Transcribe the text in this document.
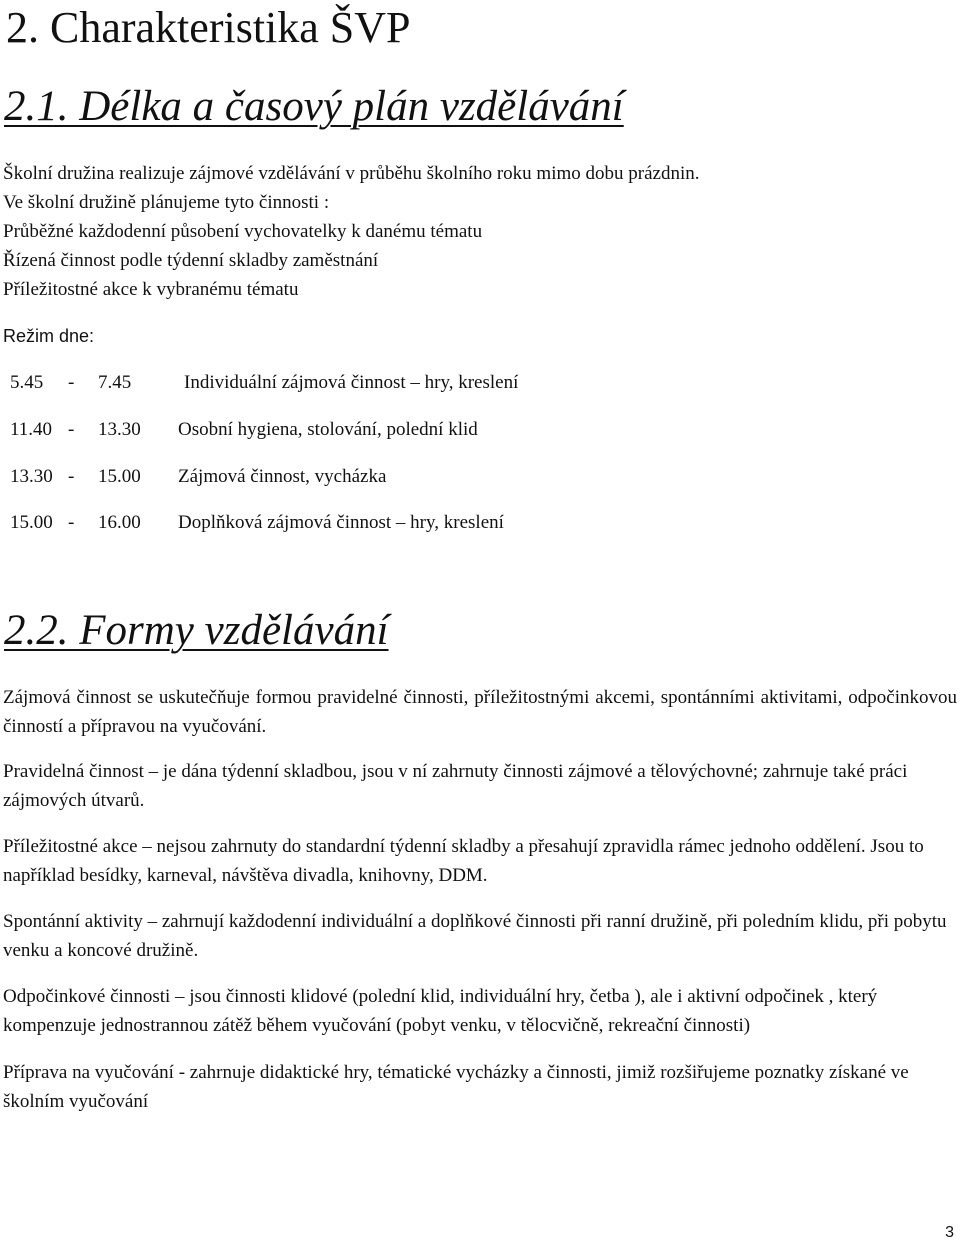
2. Charakteristika ŠVP
2.1. Délka a časový plán vzdělávání
Školní družina realizuje zájmové vzdělávání v průběhu školního roku mimo dobu prázdnin.
Ve školní družině plánujeme tyto činnosti :
Průběžné každodenní působení vychovatelky k danému tématu
Řízená činnost podle týdenní skladby zaměstnání
Příležitostné akce k vybranému tématu
Režim dne:
5.45 - 7.45	Individuální zájmová činnost – hry, kreslení
11.40 - 13.30 Osobní hygiena, stolování, polední klid
13.30 - 15.00 Zájmová činnost, vycházka
15.00 - 16.00 Doplňková zájmová činnost – hry, kreslení
2.2. Formy vzdělávání
Zájmová činnost se uskutečňuje formou pravidelné činnosti, příležitostnými akcemi, spontánními aktivitami, odpočinkovou činností a přípravou na vyučování.
Pravidelná činnost – je dána týdenní skladbou, jsou v ní zahrnuty činnosti zájmové a tělovýchovné; zahrnuje také práci zájmových útvarů.
Příležitostné akce – nejsou zahrnuty do standardní týdenní skladby a přesahují zpravidla rámec jednoho oddělení. Jsou to například besídky, karneval, návštěva divadla, knihovny, DDM.
Spontánní aktivity – zahrnují každodenní individuální a doplňkové činnosti při ranní družině, při poledním klidu, při pobytu venku a koncové družině.
Odpočinkové činnosti – jsou činnosti klidové (polední klid, individuální hry, četba ), ale i aktivní odpočinek , který kompenzuje jednostrannou zátěž během vyučování (pobyt venku, v tělocvičně, rekreační činnosti)
Příprava na vyučování - zahrnuje didaktické hry, tématické vycházky a činnosti, jimiž rozšiřujeme poznatky získané ve školním vyučování
3
